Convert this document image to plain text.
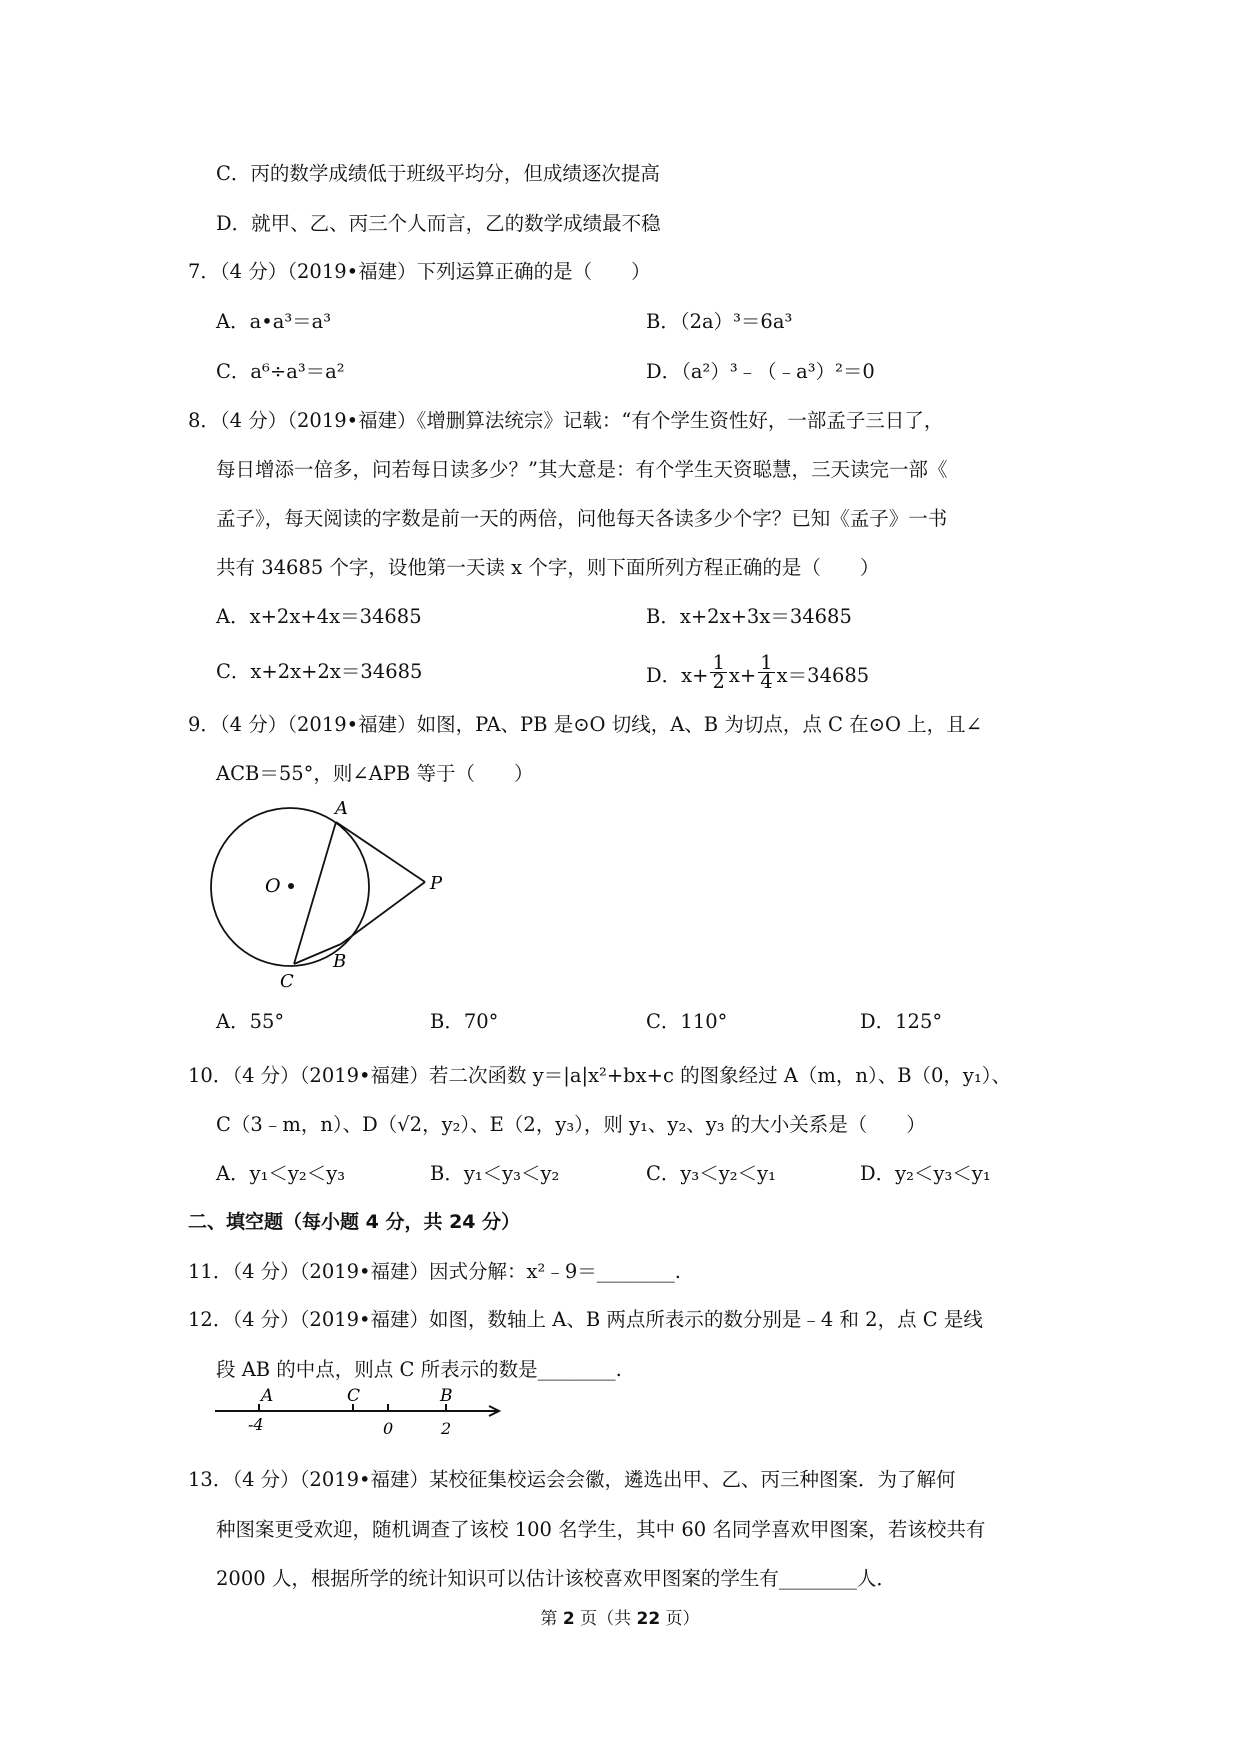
C．丙的数学成绩低于班级平均分，但成绩逐次提高
D．就甲、乙、丙三个人而言，乙的数学成绩最不稳
7．（4 分）（2019•福建）下列运算正确的是（　　）
A．a•a³＝a³	B．（2a）³＝6a³
C．a⁶÷a³＝a²	D．（a²）³﹣（﹣a³）²＝0
8．（4 分）（2019•福建）《增删算法统宗》记载：“有个学生资性好，一部孟子三日了，
每日增添一倍多，问若每日读多少？”其大意是：有个学生天资聪慧，三天读完一部《
孟子》，每天阅读的字数是前一天的两倍，问他每天各读多少个字？已知《孟子》一书
共有 34685 个字，设他第一天读 x 个字，则下面所列方程正确的是（　　）
A．x+2x+4x＝34685	B．x+2x+3x＝34685
C．x+2x+2x＝34685	D．$x+ \frac{1}{2} x+ \frac{1}{4} x=34685$
9．（4 分）（2019•福建）如图，PA、PB 是⊙O 切线，A、B 为切点，点 C 在⊙O 上，且∠
ACB＝55°，则∠APB 等于（　　）
A
O	P
B
C
A．55°	B．70°	C．110°	D．125°
10．（4 分）（2019•福建）若二次函数 y＝|a|x²+bx+c 的图象经过 A（m，n）、B（0，y₁）、
C（3﹣m，n）、D（√2，y₂）、E（2，y₃），则 y₁、y₂、y₃ 的大小关系是（　　）
A．y₁＜y₂＜y₃	B．y₁＜y₃＜y₂	C．y₃＜y₂＜y₁	D．y₂＜y₃＜y₁
二、填空题（每小题 4 分，共 24 分）
11．（4 分）（2019•福建）因式分解：x²﹣9＝________.
12．（4 分）（2019•福建）如图，数轴上 A、B 两点所表示的数分别是﹣4 和 2，点 C 是线
段 AB 的中点，则点 C 所表示的数是________.
A	C	B
-4	0	2
13．（4 分）（2019•福建）某校征集校运会会徽，遴选出甲、乙、丙三种图案．为了解何
种图案更受欢迎，随机调查了该校 100 名学生，其中 60 名同学喜欢甲图案，若该校共有
2000 人，根据所学的统计知识可以估计该校喜欢甲图案的学生有________人．
第 2 页（共 22 页）
